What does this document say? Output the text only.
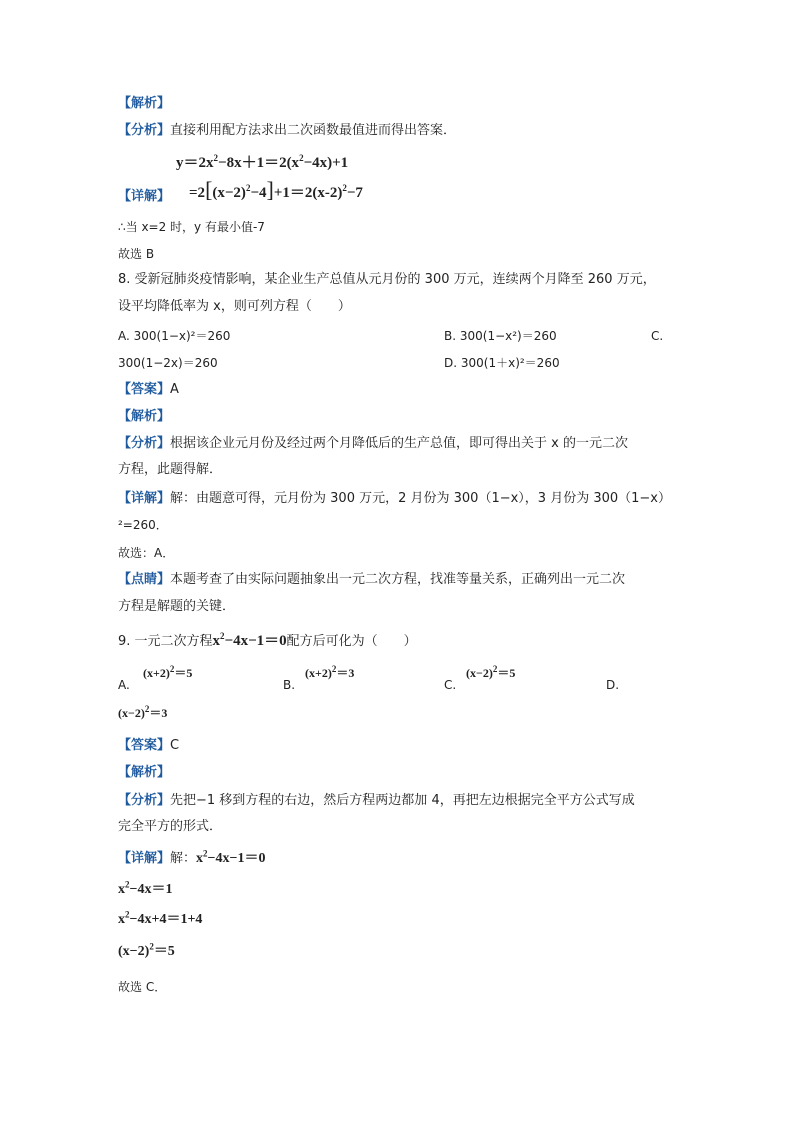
【解析】
【分析】直接利用配方法求出二次函数最值进而得出答案．
$y=2x^2-8x+1=2(x^2-4x)+1$
【详解】 $=2[(x-2)^2-4]+1=2(x-2)^2-7$
∴当 x=2 时，y 有最小值-7
故选 B
8. 受新冠肺炎疫情影响，某企业生产总值从元月份的 300 万元，连续两个月降至 260 万元，
设平均降低率为 x，则可列方程（　　）
A. 300(1−x)²＝260	B. 300(1−x²)＝260	C.
300(1−2x)＝260	D. 300(1＋x)²＝260
【答案】A
【解析】
【分析】根据该企业元月份及经过两个月降低后的生产总值，即可得出关于 x 的一元二次
方程，此题得解．
【详解】解：由题意可得，元月份为 300 万元，2 月份为 300（1−x），3 月份为 300（1−x）
²=260．
故选：A．
【点睛】本题考查了由实际问题抽象出一元二次方程，找准等量关系，正确列出一元二次
方程是解题的关键．
9. 一元二次方程$x^2-4x-1=0$配方后可化为（　　）
A.
$(x+2)^2=5$
B.
$(x+2)^2=3$
C.
$(x-2)^2=5$
D.
$(x-2)^2=3$
【答案】C
【解析】
【分析】先把−1 移到方程的右边，然后方程两边都加 4，再把左边根据完全平方公式写成
完全平方的形式．
【详解】解：$x^2-4x-1=0$
$x^2-4x=1$
$x^2-4x+4=1+4$
$(x-2)^2=5$
故选 C．
